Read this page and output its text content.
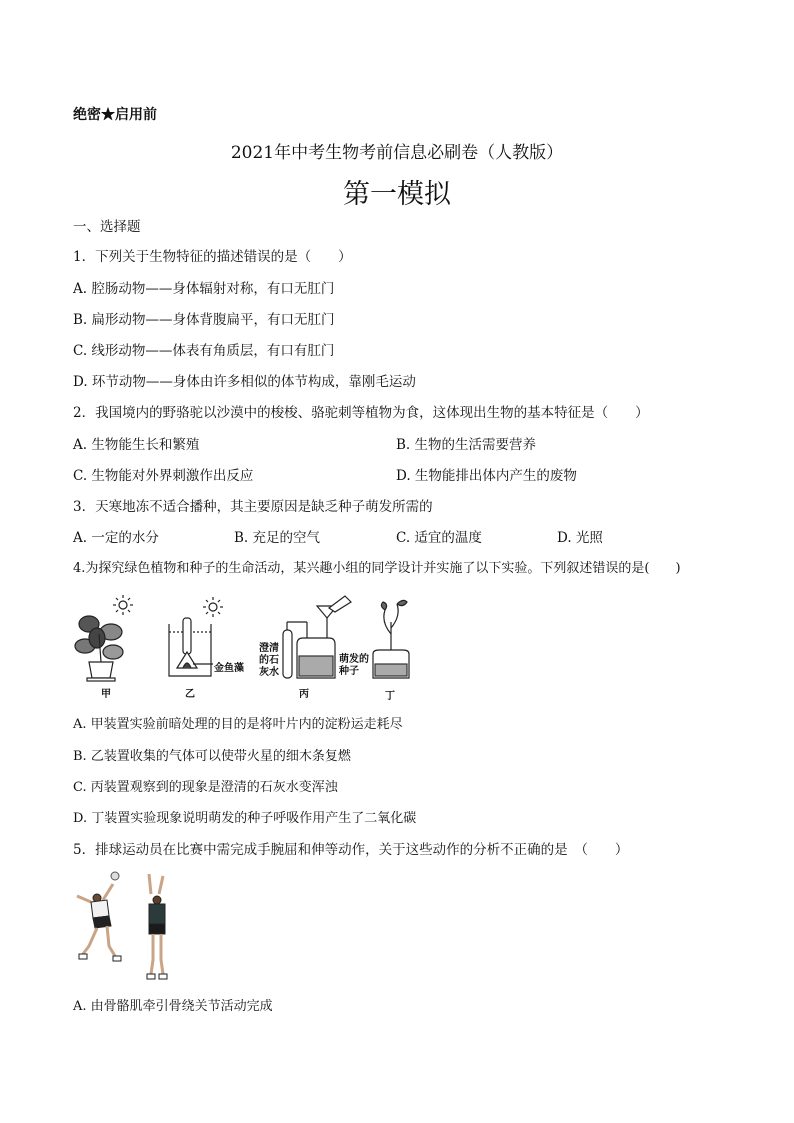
绝密★启用前
2021年中考生物考前信息必刷卷（人教版）
第一模拟
一、选择题
1．下列关于生物特征的描述错误的是（　　）
A. 腔肠动物——身体辐射对称，有口无肛门
B. 扁形动物——身体背腹扁平，有口无肛门
C. 线形动物——体表有角质层，有口有肛门
D. 环节动物——身体由许多相似的体节构成，靠刚毛运动
2．我国境内的野骆驼以沙漠中的梭梭、骆驼刺等植物为食，这体现出生物的基本特征是（　　）
A. 生物能生长和繁殖	B. 生物的生活需要营养
C. 生物能对外界刺激作出反应	D. 生物能排出体内产生的废物
3．天寒地冻不适合播种，其主要原因是缺乏种子萌发所需的
A. 一定的水分	B. 充足的空气	C. 适宜的温度	D. 光照
4.为探究绿色植物和种子的生命活动，某兴趣小组的同学设计并实施了以下实验。下列叙述错误的是(　　)
甲	乙
金鱼藻
澄清
的石
灰水
丙
萌发的
种子
丁
A. 甲装置实验前暗处理的目的是将叶片内的淀粉运走耗尽
B. 乙装置收集的气体可以使带火星的细木条复燃
C. 丙装置观察到的现象是澄清的石灰水变浑浊
D. 丁装置实验现象说明萌发的种子呼吸作用产生了二氧化碳
5．排球运动员在比赛中需完成手腕屈和伸等动作，关于这些动作的分析不正确的是　（　　）
A. 由骨骼肌牵引骨绕关节活动完成
